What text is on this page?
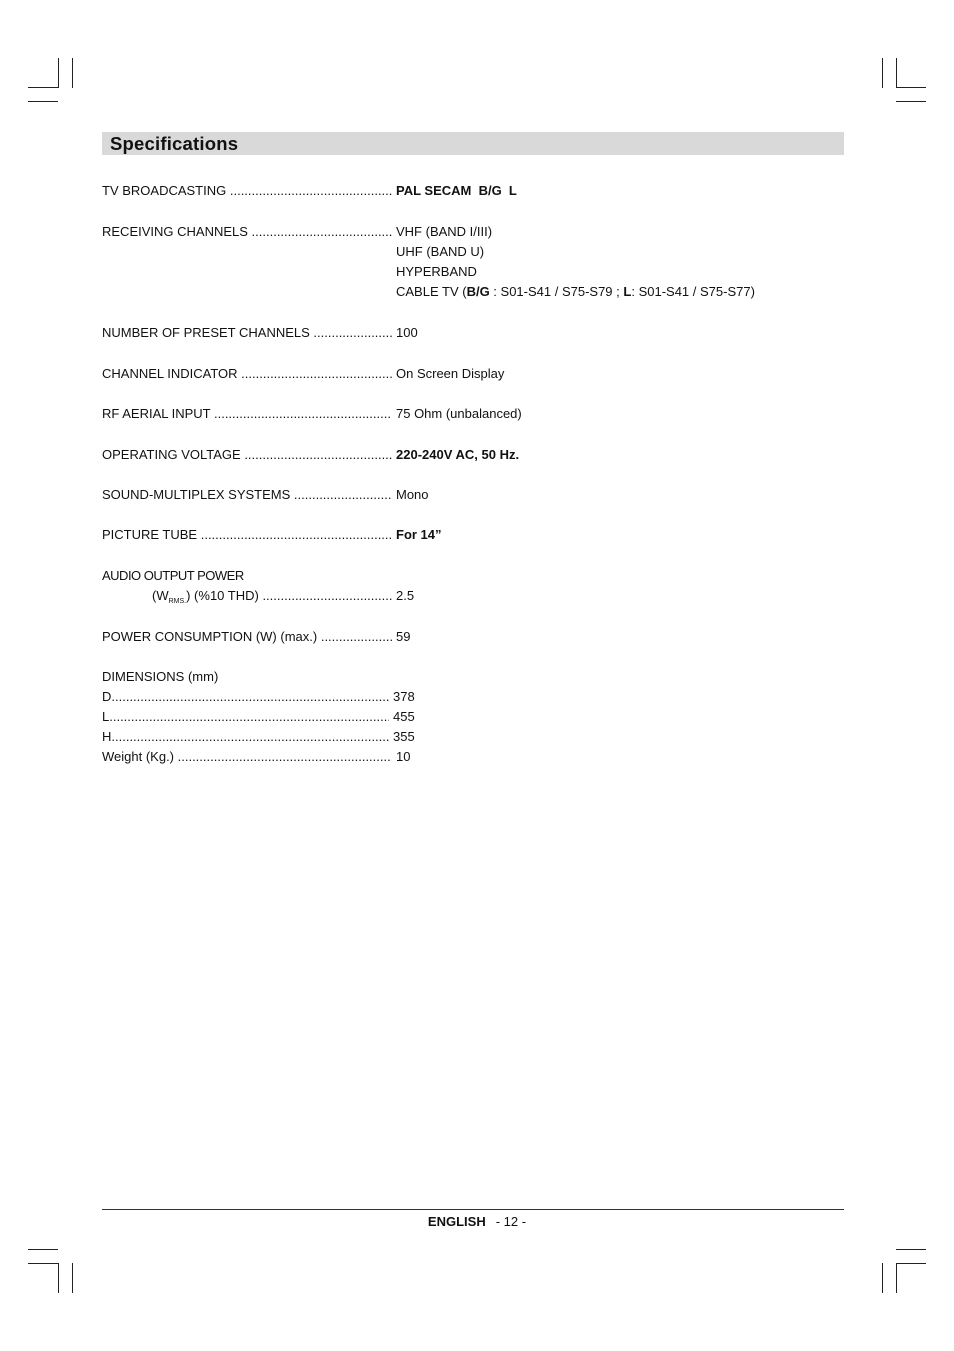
Specifications
TV BROADCASTING .....	PAL SECAM  B/G  L
RECEIVING CHANNELS .....	VHF (BAND I/III)
UHF (BAND U)
HYPERBAND
CABLE TV (B/G : S01-S41 / S75-S79 ; L: S01-S41 / S75-S77)
NUMBER OF PRESET CHANNELS .....	100
CHANNEL INDICATOR .....	On Screen Display
RF AERIAL INPUT .....	75 Ohm (unbalanced)
OPERATING VOLTAGE .....	220-240V AC, 50 Hz.
SOUND-MULTIPLEX SYSTEMS .....	Mono
PICTURE TUBE .....	For 14”
AUDIO OUTPUT POWER
$(W_{RMS.})$ (%10 THD) .....	2.5
POWER CONSUMPTION (W) (max.) .....	59
DIMENSIONS (mm)
D .....	378
L .....	455
H .....	355
Weight (Kg.) .....	10
ENGLISH - 12 -
